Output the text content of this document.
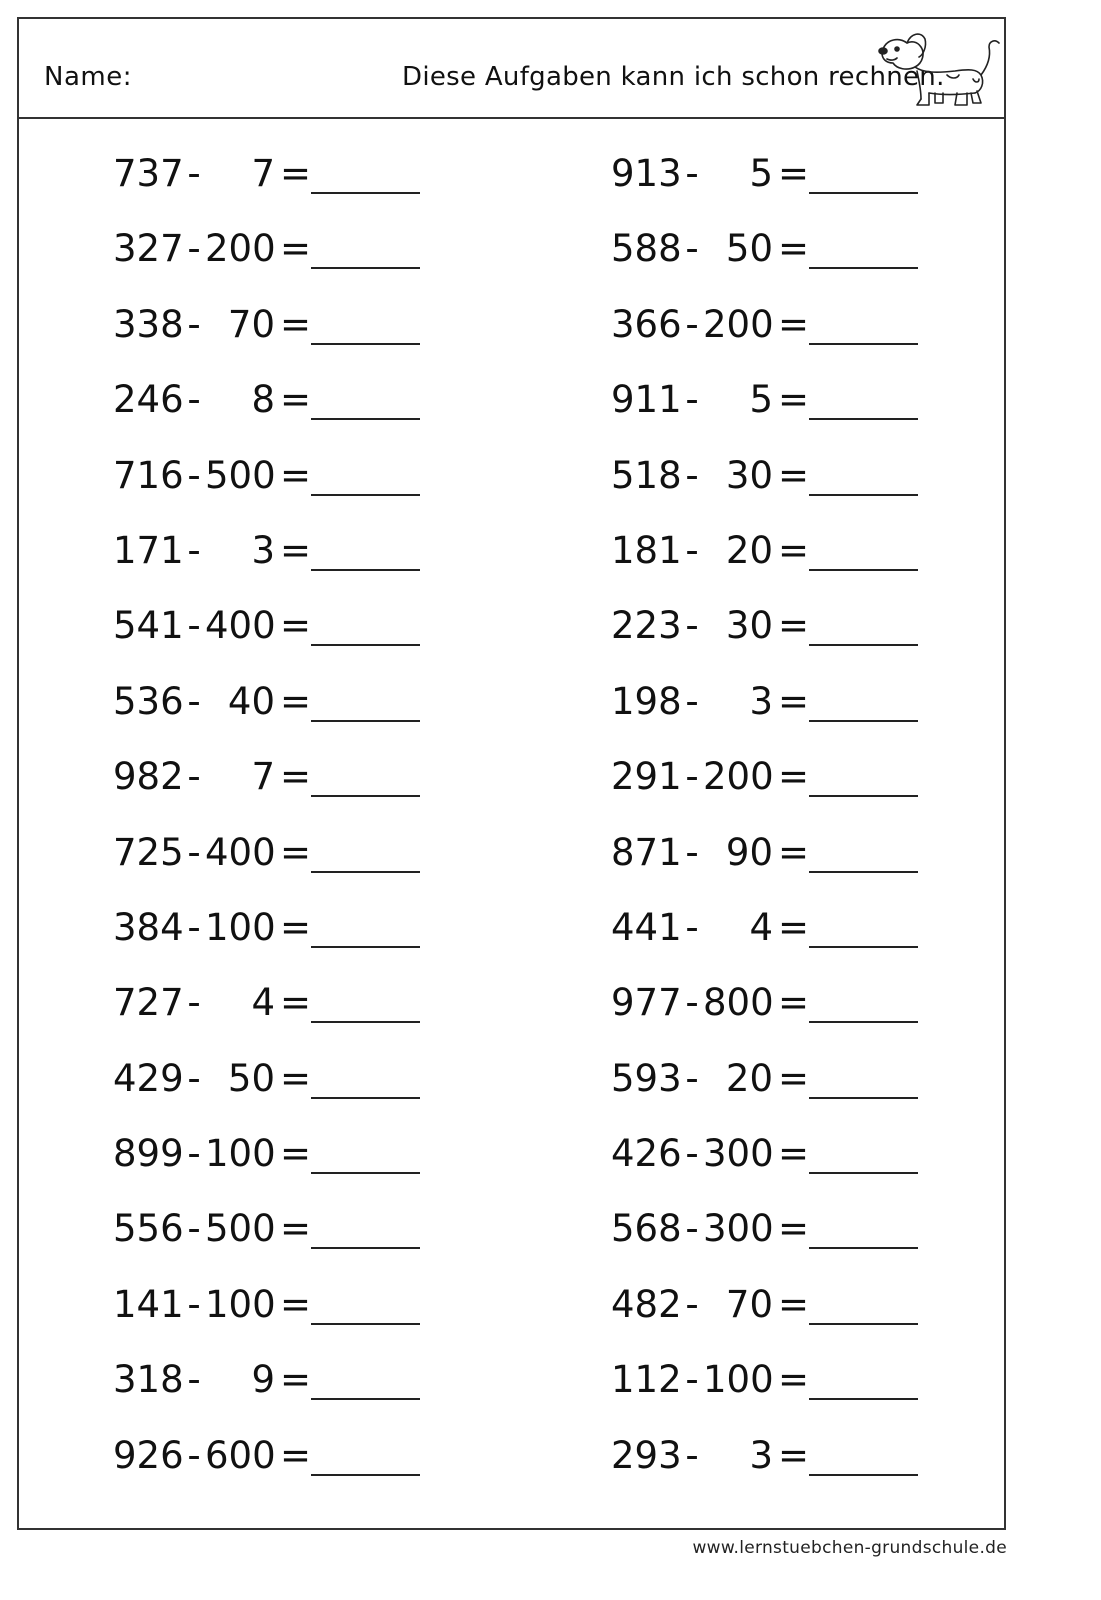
Name:	Diese Aufgaben kann ich schon rechnen.
737 -	7 =
327 - 200 =
338 - 70 =
246 -	8 =
716 - 500 =
171 -	3 =
541 - 400 =
536 - 40 =
982 -	7 =
725 - 400 =
384 - 100 =
727 -	4 =
429 - 50 =
899 - 100 =
556 - 500 =
141 - 100 =
318 -	9 =
926 - 600 =
913 -	5 =
588 - 50 =
366 - 200 =
911 -	5 =
518 - 30 =
181 - 20 =
223 - 30 =
198 -	3 =
291 - 200 =
871 - 90 =
441 -	4 =
977 - 800 =
593 - 20 =
426 - 300 =
568 - 300 =
482 - 70 =
112 - 100 =
293 -	3 =
www.lernstuebchen-grundschule.de
